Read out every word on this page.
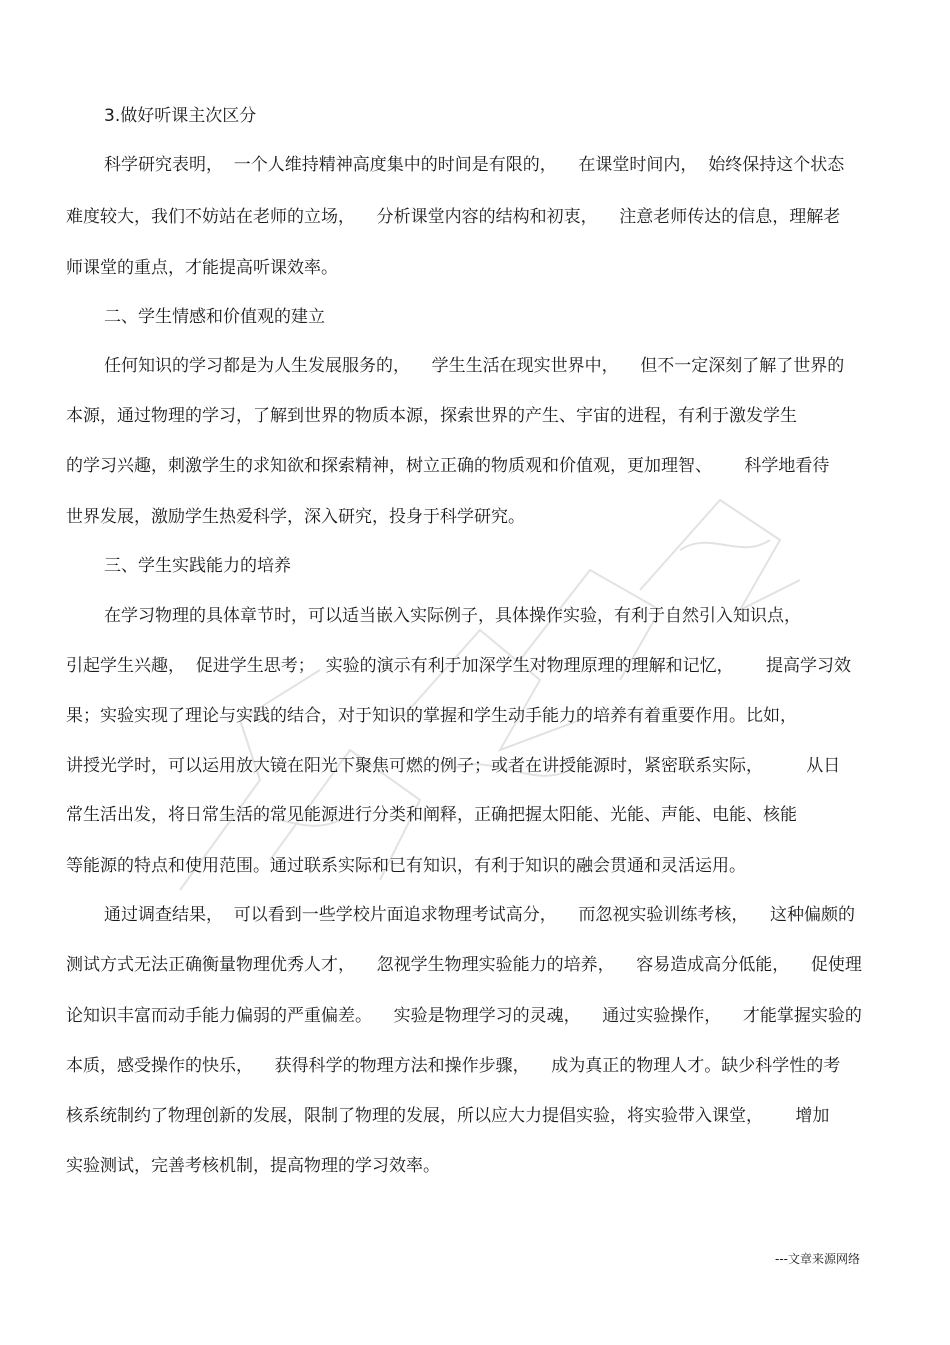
3.做好听课主次区分
科学研究表明，  一个人维持精神高度集中的时间是有限的，    在课堂时间内，  始终保持这个状态
难度较大，我们不妨站在老师的立场，    分析课堂内容的结构和初衷，    注意老师传达的信息，理解老
师课堂的重点，才能提高听课效率。
二、学生情感和价值观的建立
任何知识的学习都是为人生发展服务的，    学生生活在现实世界中，    但不一定深刻了解了世界的
本源，通过物理的学习，了解到世界的物质本源，探索世界的产生、宇宙的进程，有利于激发学生
的学习兴趣，刺激学生的求知欲和探索精神，树立正确的物质观和价值观，更加理智、      科学地看待
世界发展，激励学生热爱科学，深入研究，投身于科学研究。
三、学生实践能力的培养
在学习物理的具体章节时，可以适当嵌入实际例子，具体操作实验，有利于自然引入知识点，
引起学生兴趣，  促进学生思考；  实验的演示有利于加深学生对物理原理的理解和记忆，      提高学习效
果；实验实现了理论与实践的结合，对于知识的掌握和学生动手能力的培养有着重要作用。比如，
讲授光学时，可以运用放大镜在阳光下聚焦可燃的例子；或者在讲授能源时，紧密联系实际，        从日
常生活出发，将日常生活的常见能源进行分类和阐释，正确把握太阳能、光能、声能、电能、核能
等能源的特点和使用范围。通过联系实际和已有知识，有利于知识的融会贯通和灵活运用。
通过调查结果，  可以看到一些学校片面追求物理考试高分，    而忽视实验训练考核，    这种偏颇的
测试方式无法正确衡量物理优秀人才，    忽视学生物理实验能力的培养，    容易造成高分低能，    促使理
论知识丰富而动手能力偏弱的严重偏差。    实验是物理学习的灵魂，    通过实验操作，    才能掌握实验的
本质，感受操作的快乐，    获得科学的物理方法和操作步骤，    成为真正的物理人才。缺少科学性的考
核系统制约了物理创新的发展，限制了物理的发展，所以应大力提倡实验，将实验带入课堂，      增加
实验测试，完善考核机制，提高物理的学习效率。
---文章来源网络
